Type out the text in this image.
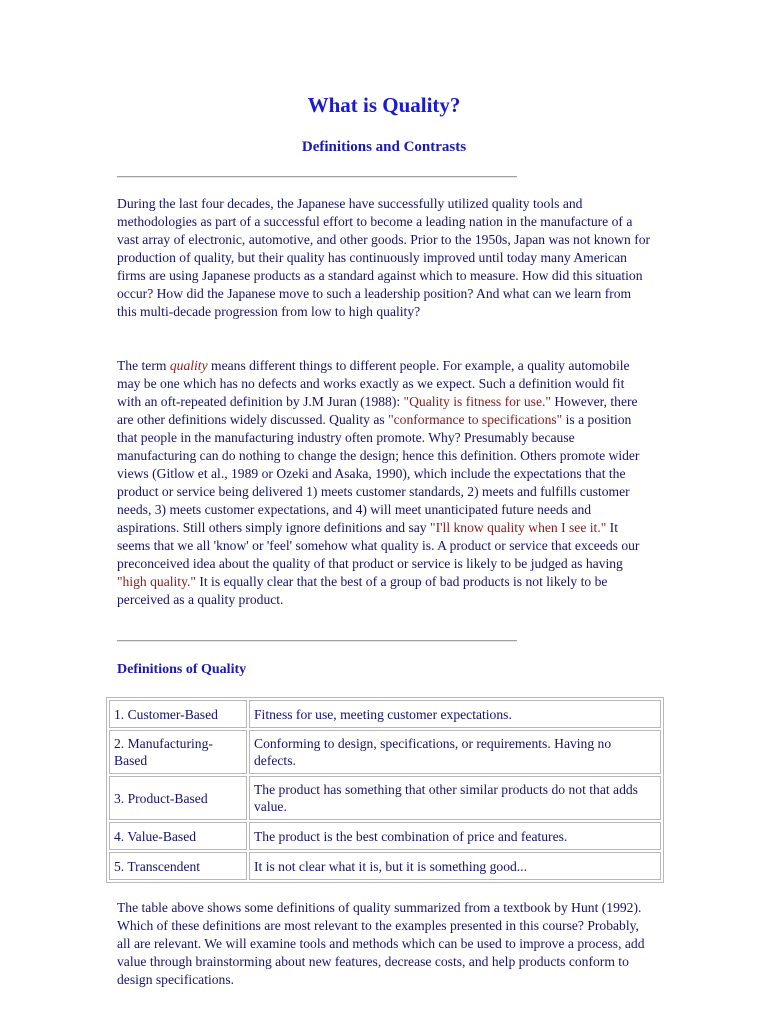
What is Quality?
Definitions and Contrasts

During the last four decades, the Japanese have successfully utilized quality tools and methodologies as part of a successful effort to become a leading nation in the manufacture of a vast array of electronic, automotive, and other goods. Prior to the 1950s, Japan was not known for production of quality, but their quality has continuously improved until today many American firms are using Japanese products as a standard against which to measure. How did this situation occur? How did the Japanese move to such a leadership position? And what can we learn from this multi-decade progression from low to high quality?

The term quality means different things to different people. For example, a quality automobile may be one which has no defects and works exactly as we expect. Such a definition would fit with an oft-repeated definition by J.M Juran (1988): "Quality is fitness for use." However, there are other definitions widely discussed. Quality as "conformance to specifications" is a position that people in the manufacturing industry often promote. Why? Presumably because manufacturing can do nothing to change the design; hence this definition. Others promote wider views (Gitlow et al., 1989 or Ozeki and Asaka, 1990), which include the expectations that the product or service being delivered 1) meets customer standards, 2) meets and fulfills customer needs, 3) meets customer expectations, and 4) will meet unanticipated future needs and aspirations. Still others simply ignore definitions and say "I'll know quality when I see it." It seems that we all 'know' or 'feel' somehow what quality is. A product or service that exceeds our preconceived idea about the quality of that product or service is likely to be judged as having "high quality." It is equally clear that the best of a group of bad products is not likely to be perceived as a quality product.

Definitions of Quality

1. Customer-Based	Fitness for use, meeting customer expectations.
2. Manufacturing-Based	Conforming to design, specifications, or requirements. Having no defects.
3. Product-Based	The product has something that other similar products do not that adds value.
4. Value-Based	The product is the best combination of price and features.
5. Transcendent	It is not clear what it is, but it is something good...

The table above shows some definitions of quality summarized from a textbook by Hunt (1992). Which of these definitions are most relevant to the examples presented in this course? Probably, all are relevant. We will examine tools and methods which can be used to improve a process, add value through brainstorming about new features, decrease costs, and help products conform to design specifications.
